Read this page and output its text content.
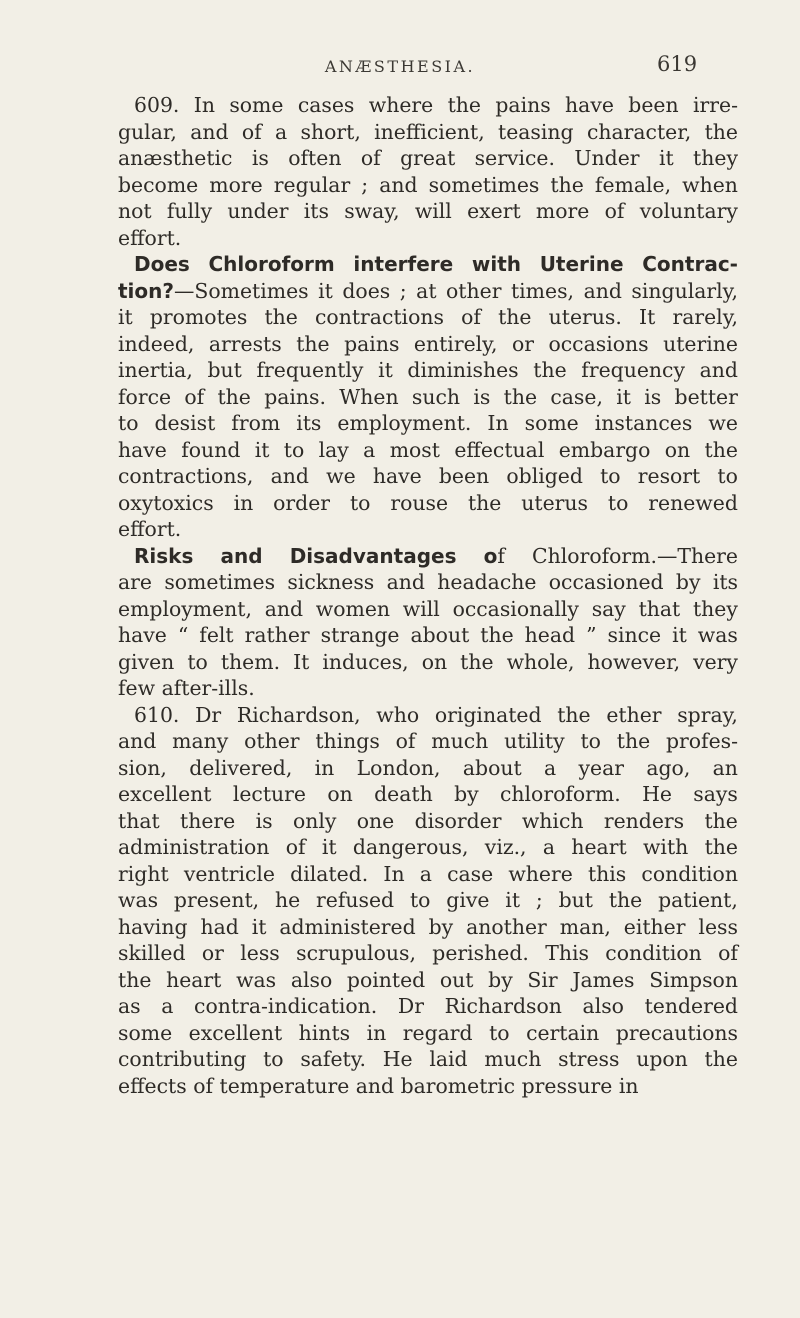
ANÆSTHESIA.	619
609. In some cases where the pains have been irre-
gular, and of a short, inefficient, teasing character, the
anæsthetic is often of great service. Under it they
become more regular ; and sometimes the female, when
not fully under its sway, will exert more of voluntary
effort.
Does Chloroform interfere with Uterine Contrac-
tion?—Sometimes it does ; at other times, and singularly,
it promotes the contractions of the uterus. It rarely,
indeed, arrests the pains entirely, or occasions uterine
inertia, but frequently it diminishes the frequency and
force of the pains. When such is the case, it is better
to desist from its employment. In some instances we
have found it to lay a most effectual embargo on the
contractions, and we have been obliged to resort to
oxytoxics in order to rouse the uterus to renewed
effort.
Risks and Disadvantages of Chloroform.—There
are sometimes sickness and headache occasioned by its
employment, and women will occasionally say that they
have “ felt rather strange about the head ” since it was
given to them. It induces, on the whole, however, very
few
after-ills.
610. Dr Richardson, who originated the ether spray,
and many other things of much utility to the profes-
sion, delivered, in London, about a year ago, an
excellent lecture on death by chloroform. He says
that there is only one disorder which renders the
administration of it dangerous, viz., a heart with the
right ventricle dilated. In a case where this condition
was present, he refused to give it ; but the patient,
having had it administered by another man, either less
skilled or less scrupulous, perished. This condition of
the heart was also pointed out by Sir James Simpson
as a contra-indication. Dr Richardson also tendered
some excellent hints in regard to certain precautions
contributing to safety. He laid much stress upon the
effects
of
temperature
and
barometric
pressure
in
